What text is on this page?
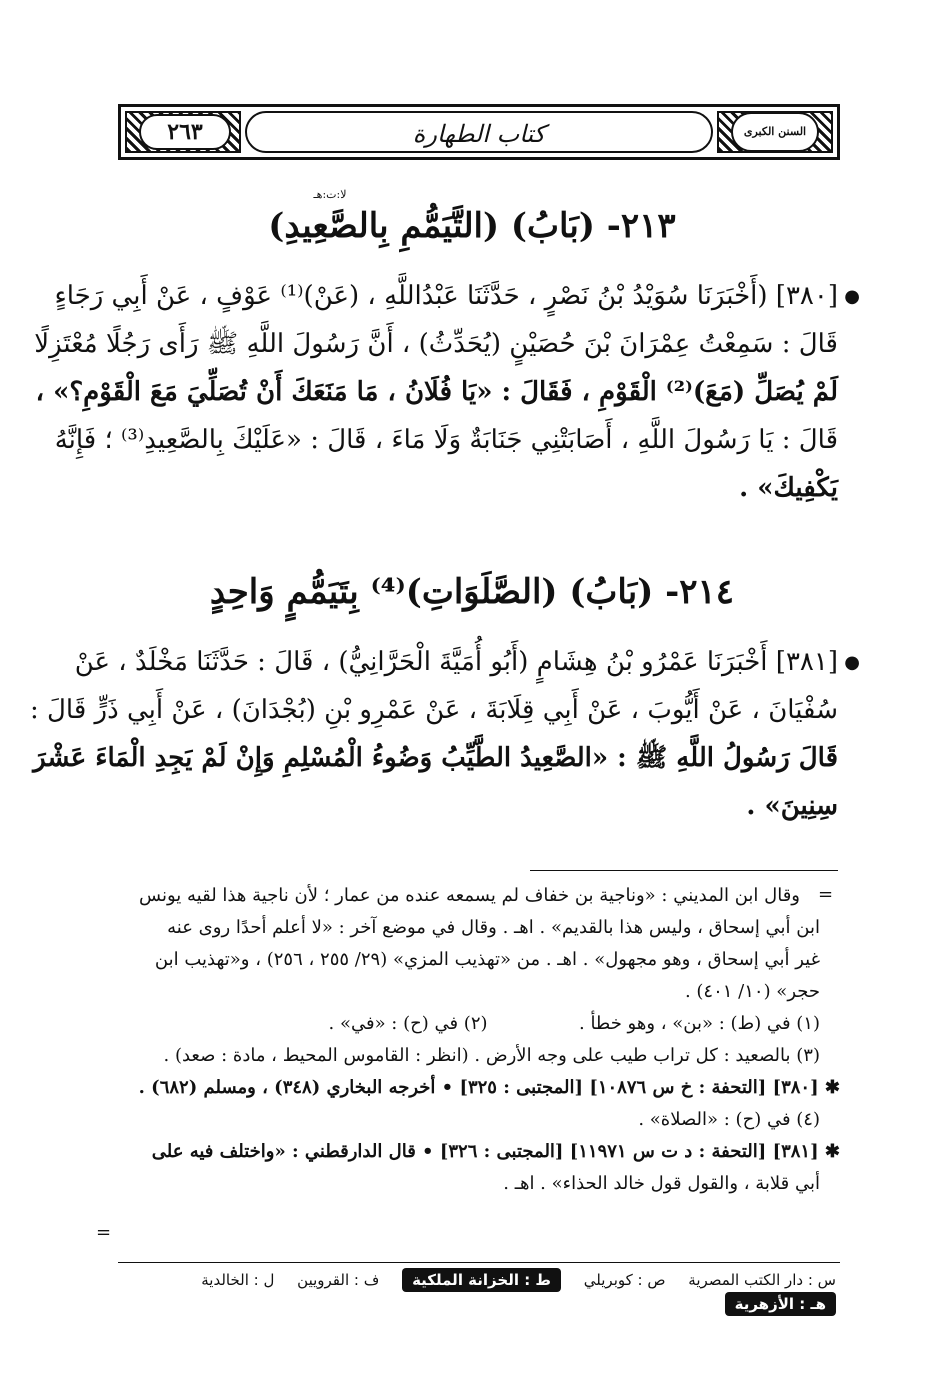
٢٦٣	السنن الكبرى
كتاب الطهارة
لا:ت:هـ
٢١٣- (بَابُ) (التَّيَمُّمِ بِالصَّعِيدِ)
●
[٣٨٠] (أَخْبَرَنَا سُوَيْدُ بْنُ نَصْرٍ ، حَدَّثَنَا عَبْدُاللَّهِ ، (عَنْ)⁽¹⁾ عَوْفٍ ، عَنْ أَبِي رَجَاءٍ
قَالَ : سَمِعْتُ عِمْرَانَ بْنَ حُصَيْنٍ (يُحَدِّثُ) ، أَنَّ رَسُولَ اللَّهِ ﷺ رَأَى رَجُلًا مُعْتَزِلًا
لَمْ يُصَلِّ (مَعَ)⁽²⁾ الْقَوْمِ ، فَقَالَ : «يَا فُلَانُ ، مَا مَنَعَكَ أَنْ تُصَلِّيَ مَعَ الْقَوْمِ؟» ،
قَالَ : يَا رَسُولَ اللَّهِ ، أَصَابَتْنِي جَنَابَةٌ وَلَا مَاءَ ، قَالَ : «عَلَيْكَ بِالصَّعِيدِ⁽³⁾ ؛ فَإِنَّهُ
يَكْفِيكَ» .
٢١٤- (بَابُ) (الصَّلَوَاتِ)⁽⁴⁾ بِتَيَمُّمٍ وَاحِدٍ
●
[٣٨١] أَخْبَرَنَا عَمْرُو بْنُ هِشَامٍ (أَبُو أُمَيَّةَ الْحَرَّانِيُّ) ، قَالَ : حَدَّثَنَا مَخْلَدٌ ، عَنْ
سُفْيَانَ ، عَنْ أَيُّوبَ ، عَنْ أَبِي قِلَابَةَ ، عَنْ عَمْرِو بْنِ (بُجْدَانَ) ، عَنْ أَبِي ذَرٍّ قَالَ :
قَالَ رَسُولُ اللَّهِ ﷺ : «الصَّعِيدُ الطَّيِّبُ وَضُوءُ الْمُسْلِمِ وَإِنْ لَمْ يَجِدِ الْمَاءَ عَشْرَ
سِنِينَ» .
=
وقال ابن المديني : «وناجية بن خفاف لم يسمعه عنده من عمار ؛ لأن ناجية هذا لقيه يونس
ابن أبي إسحاق ، وليس هذا بالقديم» . اهـ . وقال في موضع آخر : «لا أعلم أحدًا روى عنه
غير أبي إسحاق ، وهو مجهول» . اهـ . من «تهذيب المزي» (٢٩/ ٢٥٥ ، ٢٥٦) ، و«تهذيب ابن
حجر» (١٠/ ٤٠١) .
(١) في (ط) : «بن» ، وهو خطأ .  (٢) في (ح) : «في» .
(٣) بالصعيد : كل تراب طيب على وجه الأرض . (انظر : القاموس المحيط ، مادة : صعد) .
✱ [٣٨٠] [التحفة : خ س ١٠٨٧٦] [المجتبى : ٣٢٥] • أخرجه البخاري (٣٤٨) ، ومسلم (٦٨٢) .
(٤) في (ح) : «الصلاة» .
✱ [٣٨١] [التحفة : د ت س ١١٩٧١] [المجتبى : ٣٢٦] • قال الدارقطني : «واختلف فيه على
أبي قلابة ، والقول قول خالد الحذاء» . اهـ .
=
س : دار الكتب المصرية ص : كوبريلي ط : الخزانة الملكية ف : القرويين ل : الخالدية هـ : الأزهرية
